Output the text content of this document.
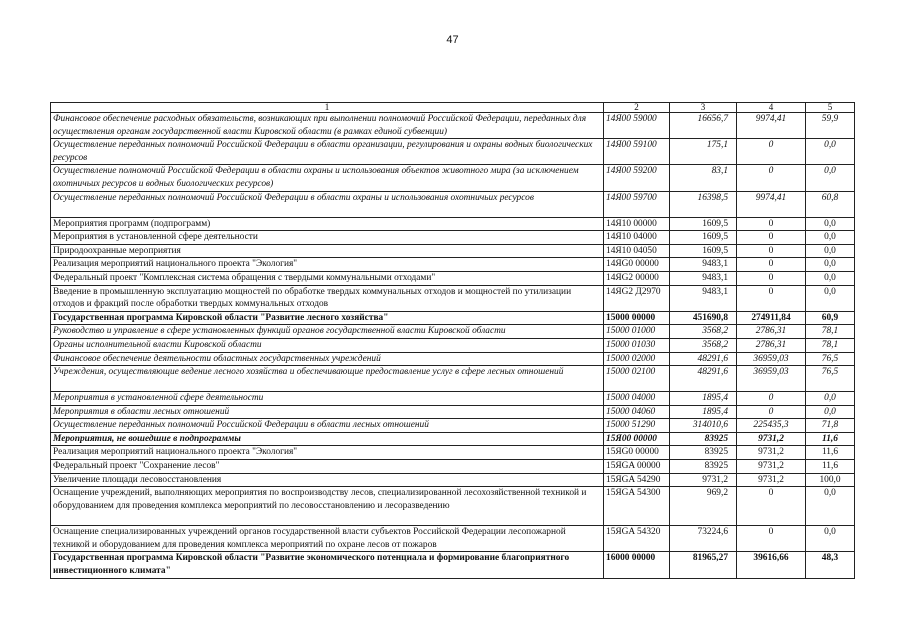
47
1	2	3	4	5
Финансовое обеспечение расходных обязательств, возникающих при выполнении полномочий Российской Федерации, переданных для осуществления органам государственной власти Кировской области (в рамках единой субвенции)	14Я00 59000	16656,7	9974,41	59,9
Осуществление переданных полномочий Российской Федерации в области организации, регулирования и охраны водных биологических ресурсов	14Я00 59100	175,1	0	0,0
Осуществление полномочий Российской Федерации в области охраны и использования объектов животного мира (за исключением охотничьих ресурсов и водных биологических ресурсов)	14Я00 59200	83,1	0	0,0
Осуществление переданных полномочий Российской Федерации в области охраны и использования охотничьих ресурсов	14Я00 59700	16398,5	9974,41	60,8
Мероприятия программ (подпрограмм)	14Я10 00000	1609,5	0	0,0
Мероприятия в установленной сфере деятельности	14Я10 04000	1609,5	0	0,0
Природоохранные мероприятия	14Я10 04050	1609,5	0	0,0
Реализация мероприятий национального проекта "Экология"	14ЯG0 00000	9483,1	0	0,0
Федеральный проект "Комплексная система обращения с твердыми коммунальными отходами"	14ЯG2 00000	9483,1	0	0,0
Введение в промышленную эксплуатацию мощностей по обработке твердых коммунальных отходов и мощностей по утилизации отходов и фракций после обработки твердых коммунальных отходов	14ЯG2 Д2970	9483,1	0	0,0
Государственная программа Кировской области "Развитие лесного хозяйства"	15000 00000	451690,8	274911,84	60,9
Руководство и управление в сфере установленных функций органов государственной власти Кировской области	15000 01000	3568,2	2786,31	78,1
Органы исполнительной власти Кировской области	15000 01030	3568,2	2786,31	78,1
Финансовое обеспечение деятельности областных государственных учреждений	15000 02000	48291,6	36959,03	76,5
Учреждения, осуществляющие ведение лесного хозяйства и обеспечивающие предоставление услуг в сфере лесных отношений	15000 02100	48291,6	36959,03	76,5
Мероприятия в установленной сфере деятельности	15000 04000	1895,4	0	0,0
Мероприятия в области лесных отношений	15000 04060	1895,4	0	0,0
Осуществление переданных полномочий Российской Федерации в области лесных отношений	15000 51290	314010,6	225435,3	71,8
Мероприятия, не вошедшие в подпрограммы	15Я00 00000	83925	9731,2	11,6
Реализация мероприятий национального проекта "Экология"	15ЯG0 00000	83925	9731,2	11,6
Федеральный проект "Сохранение лесов"	15ЯGA 00000	83925	9731,2	11,6
Увеличение площади лесовосстановления	15ЯGA 54290	9731,2	9731,2	100,0
Оснащение учреждений, выполняющих мероприятия по воспроизводству лесов, специализированной лесохозяйственной техникой и оборудованием для проведения комплекса мероприятий по лесовосстановлению и лесоразведению	15ЯGA 54300	969,2	0	0,0
Оснащение специализированных учреждений органов государственной власти субъектов Российской Федерации лесопожарной техникой и оборудованием для проведения комплекса мероприятий по охране лесов от пожаров	15ЯGA 54320	73224,6	0	0,0
Государственная программа Кировской области "Развитие экономического потенциала и формирование благоприятного инвестиционного климата"	16000 00000	81965,27	39616,66	48,3
